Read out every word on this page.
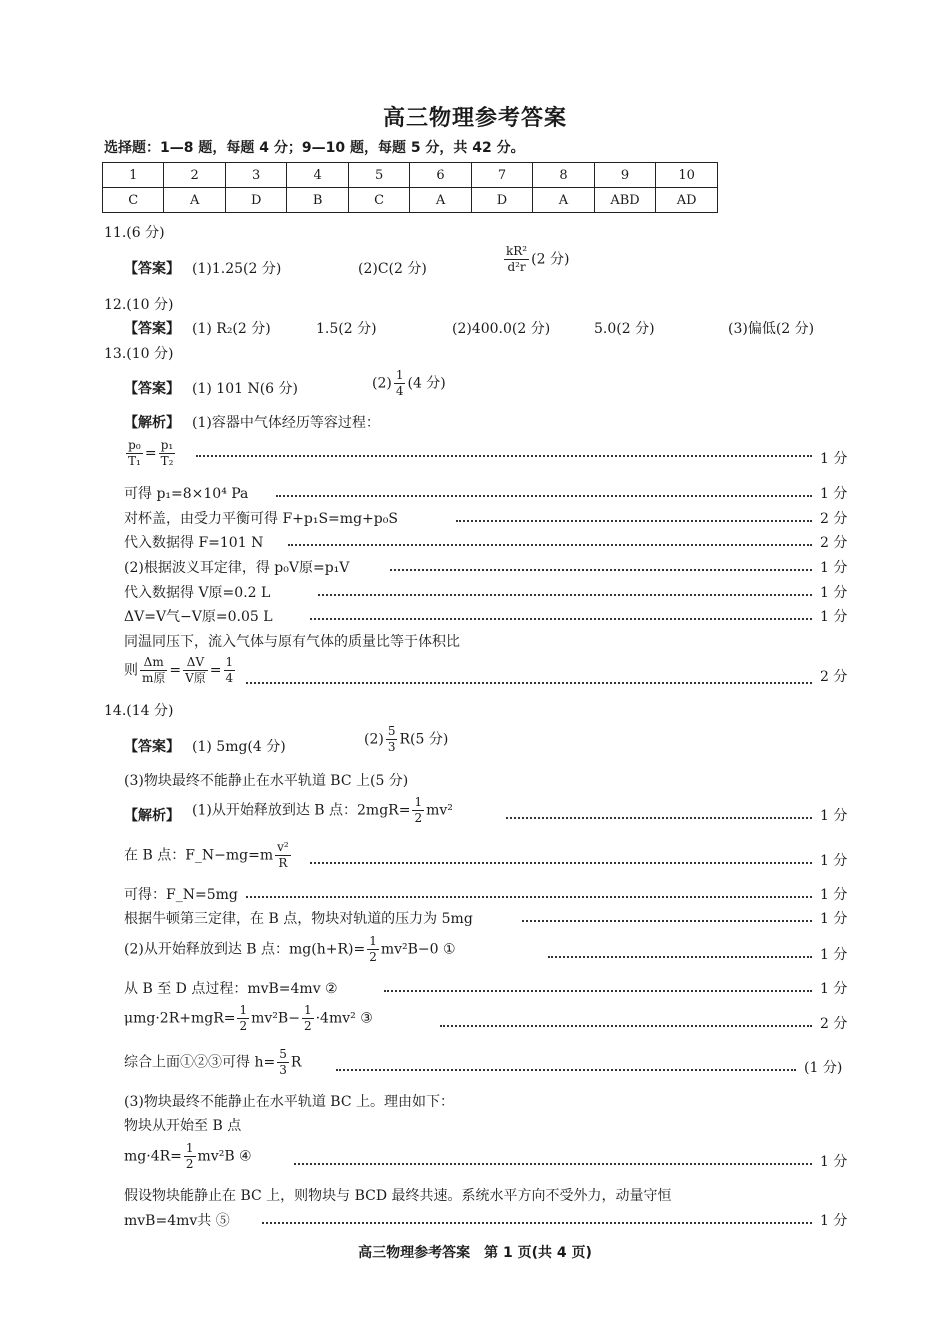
高三物理参考答案
选择题：1—8 题，每题 4 分；9—10 题，每题 5 分，共 42 分。
1	2	3	4	5	6	7	8	9	10
C	A	D	B	C	A	D	A	ABD	AD
11.(6 分)
【答案】 (1)1.25(2 分)	(2)C(2 分)	$\frac{\text{kR²}}{\text{d²r}} (2$ 分)
12.(10 分)
【答案】 (1) R₂(2 分)	1.5(2 分)	(2)400.0(2 分)	5.0(2 分)	(3)偏低(2 分)
13.(10 分)
【答案】 (1) 101 N(6 分)	$(2) \frac{1}{4} (4$ 分)
【解析】 (1)容器中气体经历等容过程：
$\frac{\text{p₀}}{\text{T₁}} = \frac{\text{p₁}}{\text{T₂}}$	1 分
可得 p₁=8×10⁴ Pa	1 分
对杯盖，由受力平衡可得 F+p₁S=mg+p₀S	2 分
代入数据得 F=101 N	2 分
(2)根据波义耳定律，得 p₀V原=p₁V	1 分
代入数据得 V原=0.2 L	1 分
ΔV=V气−V原=0.05 L	1 分
同温同压下，流入气体与原有气体的质量比等于体积比
则 $\frac{\Delta m}{\text{m原}} = \frac{\Delta V}{\text{V原}} = \frac{1}{4}$	2 分
14.(14 分)
【答案】 (1) 5mg(4 分)	$(2) \frac{5}{3} R(5$ 分)
(3)物块最终不能静止在水平轨道 BC 上(5 分)
【解析】 (1)从开始释放到达 B 点：$2mgR= \frac{1}{2} mv^2$	1 分
在 B 点：F_N−mg=m $\frac{\text{v²}}{R}$	1 分
可得：F_N=5mg	1 分
根据牛顿第三定律，在 B 点，物块对轨道的压力为 5mg	1 分
(2)从开始释放到达 B 点：$mg(h+R)= \frac{1}{2} mv^2B-0$ ①	1 分
从 B 至 D 点过程：mvB=4mv ②	1 分
$\mu mg\cdot 2R+mgR= \frac{1}{2} mv^2B- \frac{1}{2} \cdot 4mv^2$ ③	2 分
综合上面①②③可得 $h= \frac{5}{3}$ R	(1 分)
(3)物块最终不能静止在水平轨道 BC 上。理由如下：
物块从开始至 B 点
$mg\cdot 4R= \frac{1}{2} mv^2B$ ④	1 分
假设物块能静止在 BC 上，则物块与 BCD 最终共速。系统水平方向不受外力，动量守恒
mvB=4mv共 ⑤	1 分
高三物理参考答案　第 1 页(共 4 页)
